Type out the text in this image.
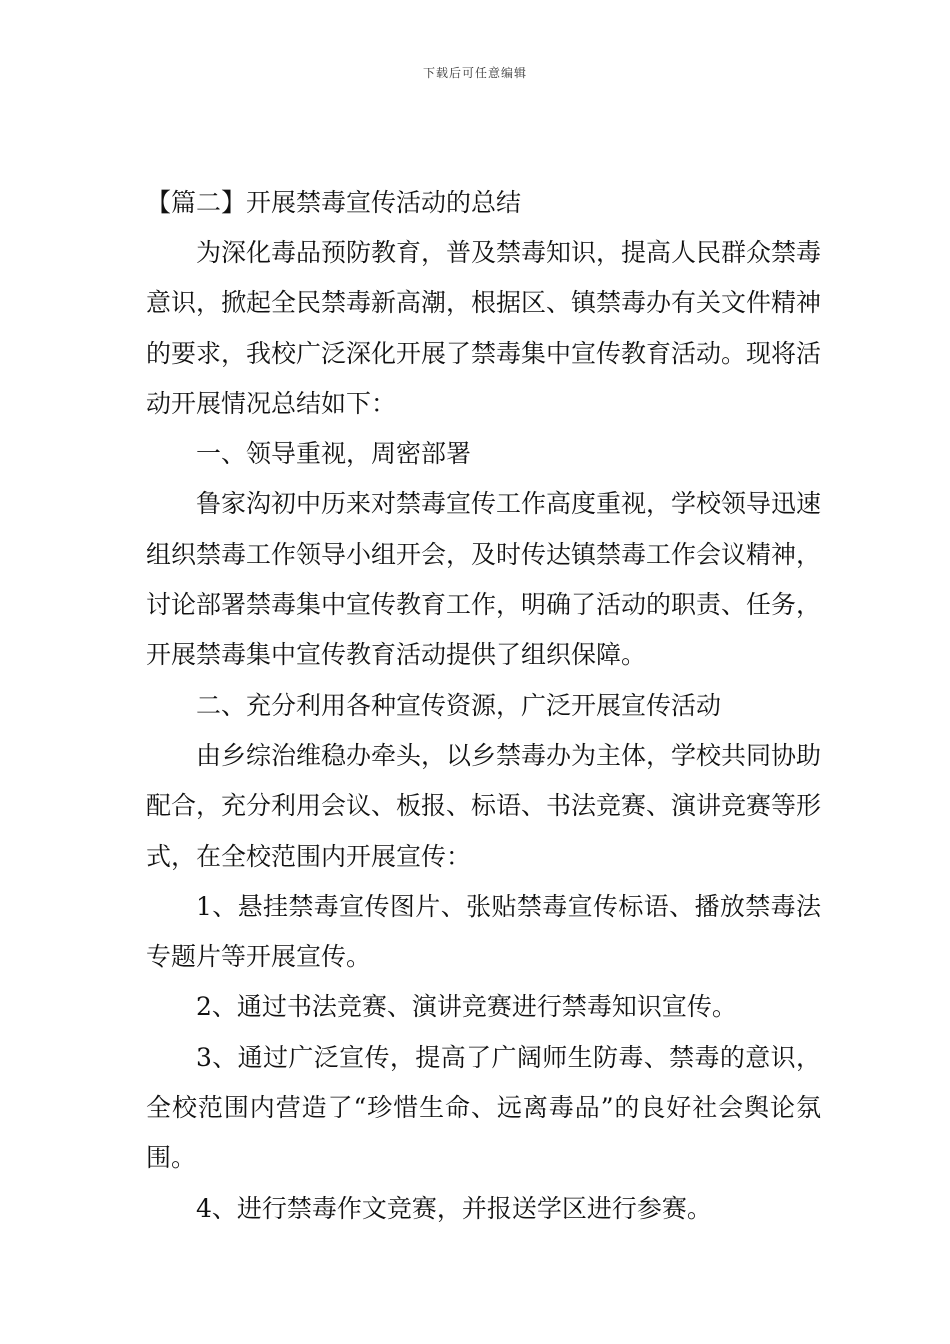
下载后可任意编辑
【篇二】开展禁毒宣传活动的总结

为深化毒品预防教育，普及禁毒知识，提高人民群众禁毒意识，掀起全民禁毒新高潮，根据区、镇禁毒办有关文件精神的要求，我校广泛深化开展了禁毒集中宣传教育活动。现将活动开展情况总结如下：

一、领导重视，周密部署

鲁家沟初中历来对禁毒宣传工作高度重视，学校领导迅速组织禁毒工作领导小组开会，及时传达镇禁毒工作会议精神，讨论部署禁毒集中宣传教育工作，明确了活动的职责、任务，开展禁毒集中宣传教育活动提供了组织保障。

二、充分利用各种宣传资源，广泛开展宣传活动

由乡综治维稳办牵头，以乡禁毒办为主体，学校共同协助配合，充分利用会议、板报、标语、书法竞赛、演讲竞赛等形式，在全校范围内开展宣传：

1、悬挂禁毒宣传图片、张贴禁毒宣传标语、播放禁毒法专题片等开展宣传。

2、通过书法竞赛、演讲竞赛进行禁毒知识宣传。

3、通过广泛宣传，提高了广阔师生防毒、禁毒的意识，全校范围内营造了“珍惜生命、远离毒品”的良好社会舆论氛围。

4、进行禁毒作文竞赛，并报送学区进行参赛。
